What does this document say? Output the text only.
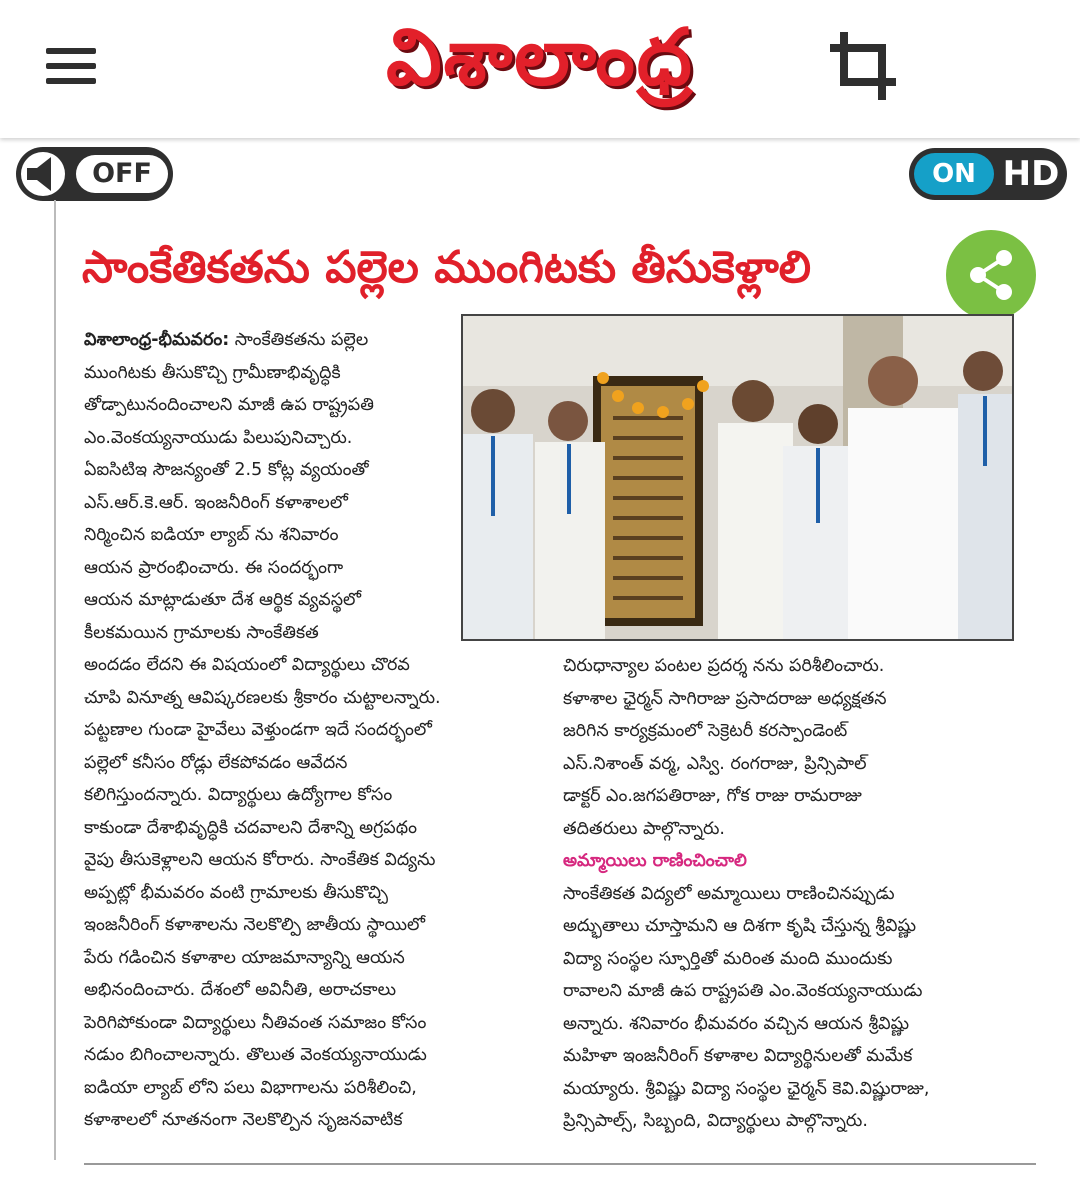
విశాలాంధ్ర
OFF	ON HD
సాంకేతికతను పల్లెల ముంగిటకు తీసుకెళ్లాలి

విశాలాంధ్ర-భీమవరం: సాంకేతికతను పల్లెల

ముంగిటకు తీసుకొచ్చి గ్రామీణాభివృద్ధికి

తోడ్పాటునందించాలని మాజీ ఉప రాష్ట్రపతి

ఎం.వెంకయ్యనాయుడు పిలుపునిచ్చారు.

ఏఐసిటిఇ సౌజన్యంతో 2.5 కోట్ల వ్యయంతో

ఎస్.ఆర్.కె.ఆర్. ఇంజనీరింగ్ కళాశాలలో

నిర్మించిన ఐడియా ల్యాబ్ ను శనివారం

ఆయన ప్రారంభించారు. ఈ సందర్భంగా

ఆయన మాట్లాడుతూ దేశ ఆర్థిక వ్యవస్థలో

కీలకమయిన గ్రామాలకు సాంకేతికత

అందడం లేదని ఈ విషయంలో విద్యార్థులు చొరవ

చూపి వినూత్న ఆవిష్కరణలకు శ్రీకారం చుట్టాలన్నారు.

పట్టణాల గుండా హైవేలు వెళ్తుండగా ఇదే సందర్భంలో

పల్లెలో కనీసం రోడ్లు లేకపోవడం ఆవేదన

కలిగిస్తుందన్నారు. విద్యార్థులు ఉద్యోగాల కోసం

కాకుండా దేశాభివృద్ధికి చదవాలని దేశాన్ని అగ్రపథం

వైపు తీసుకెళ్లాలని ఆయన కోరారు. సాంకేతిక విద్యను

అప్పట్లో భీమవరం వంటి గ్రామాలకు తీసుకొచ్చి

ఇంజనీరింగ్ కళాశాలను నెలకొల్పి జాతీయ స్థాయిలో

పేరు గడించిన కళాశాల యాజమాన్యాన్ని ఆయన

అభినందించారు. దేశంలో అవినీతి, అరాచకాలు

పెరిగిపోకుండా విద్యార్థులు నీతివంత సమాజం కోసం

నడుం బిగించాలన్నారు. తొలుత వెంకయ్యనాయుడు

ఐడియా ల్యాబ్ లోని పలు విభాగాలను పరిశీలించి,

కళాశాలలో నూతనంగా నెలకొల్పిన సృజనవాటిక

చిరుధాన్యాల పంటల ప్రదర్శ నను పరిశీలించారు.

కళాశాల ఛైర్మన్ సాగిరాజు ప్రసాదరాజు అధ్యక్షతన

జరిగిన కార్యక్రమంలో సెక్రెటరీ కరస్పాండెంట్

ఎస్.నిశాంత్ వర్మ, ఎస్వి. రంగరాజు, ప్రిన్సిపాల్

డాక్టర్ ఎం.జగపతిరాజు, గోక రాజు రామరాజు

తదితరులు పాల్గొన్నారు.

అమ్మాయిలు రాణించించాలి

సాంకేతికత విద్యలో అమ్మాయిలు రాణించినప్పుడు

అద్భుతాలు చూస్తామని ఆ దిశగా కృషి చేస్తున్న శ్రీవిష్ణు

విద్యా సంస్థల స్ఫూర్తితో మరింత మంది ముందుకు

రావాలని మాజీ ఉప రాష్ట్రపతి ఎం.వెంకయ్యనాయుడు

అన్నారు. శనివారం భీమవరం వచ్చిన ఆయన శ్రీవిష్ణు

మహిళా ఇంజనీరింగ్ కళాశాల విద్యార్థినులతో మమేక

మయ్యారు. శ్రీవిష్ణు విద్యా సంస్థల ఛైర్మన్ కెవి.విష్ణురాజు,

ప్రిన్సిపాల్స్, సిబ్బంది, విద్యార్థులు పాల్గొన్నారు.
